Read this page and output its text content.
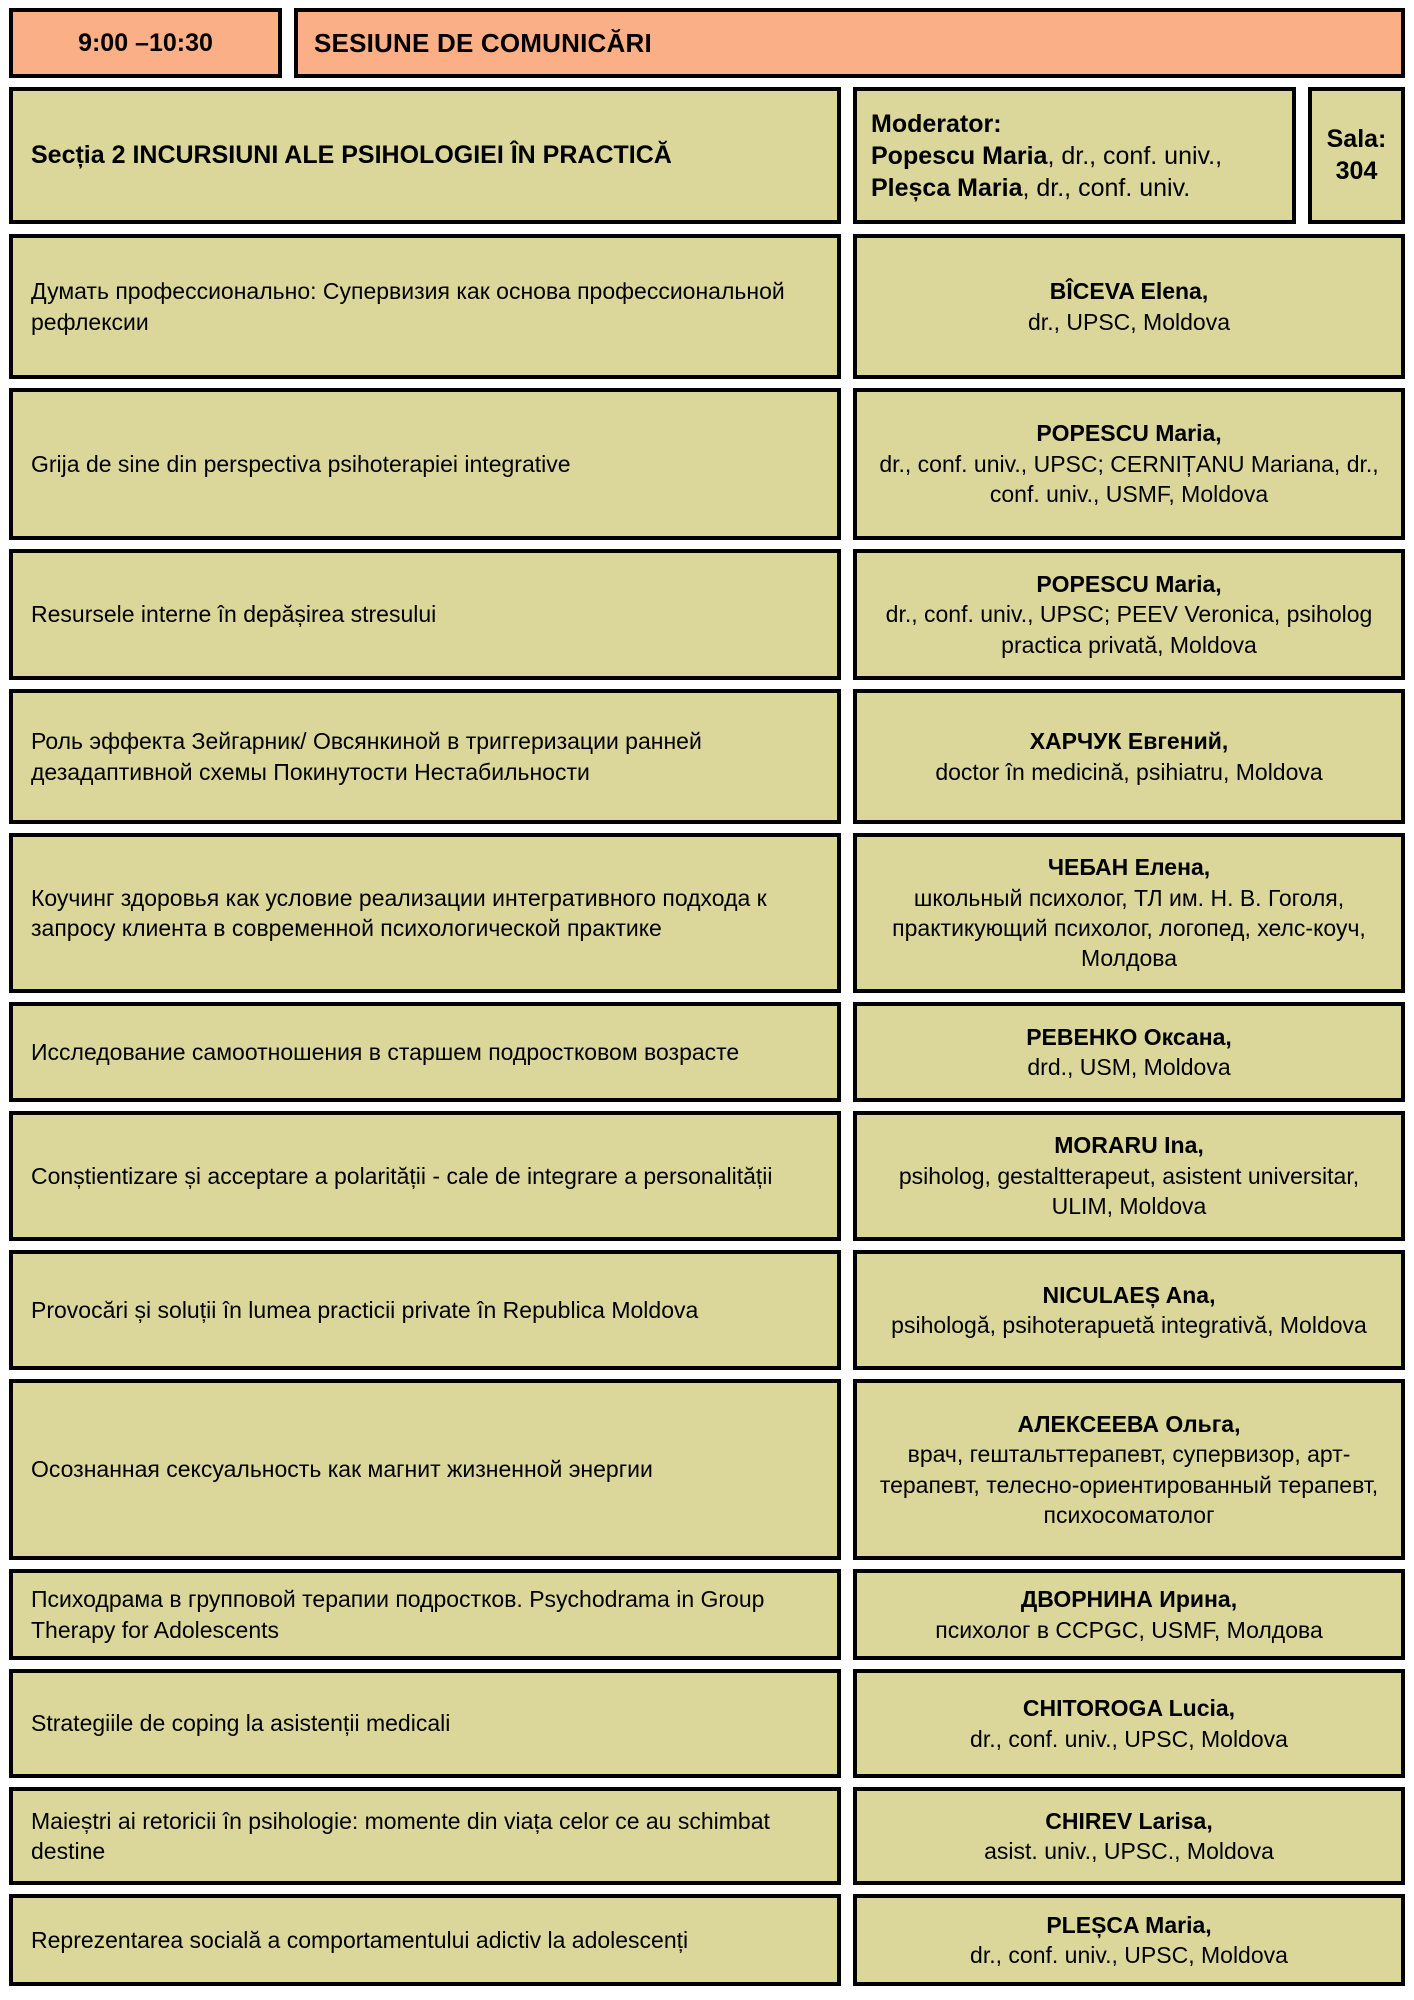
9:00 –10:30	SESIUNE DE COMUNICĂRI
Secția 2 INCURSIUNI ALE PSIHOLOGIEI ÎN PRACTICĂ
Moderator:
Popescu Maria, dr., conf. univ.,
Pleșca Maria, dr., conf. univ.
Sala:
304
Думать профессионально: Супервизия как основа профессиональной рефлексии
BÎCEVA Elena,
dr., UPSC, Moldova
Grija de sine din perspectiva psihoterapiei integrative
POPESCU Maria,
dr., conf. univ., UPSC; CERNIȚANU Mariana, dr., conf. univ., USMF, Moldova
Resursele interne în depășirea stresului
POPESCU Maria,
dr., conf. univ., UPSC; PEEV Veronica, psiholog practica privată, Moldova
Роль эффекта Зейгарник/ Овсянкиной в триггеризации ранней дезадаптивной схемы Покинутости Нестабильности
ХАРЧУК Евгений,
doctor în medicină, psihiatru, Moldova
Коучинг здоровья как условие реализации интегративного подхода к запросу клиента в современной психологической практике
ЧЕБАН Елена,
школьный психолог, ТЛ им. Н. В. Гоголя, практикующий психолог, логопед, хелс-коуч, Молдова
Исследование самоотношения в старшем подростковом возрасте
РЕВЕНКО Оксана,
drd., USM, Moldova
Conștientizare și acceptare a polarității - cale de integrare a personalității
MORARU Ina,
psiholog, gestaltterapeut, asistent universitar, ULIM, Moldova
Provocări și soluții în lumea practicii private în Republica Moldova
NICULAEȘ Ana,
psihologă, psihoterapuetă integrativă, Moldova
Осознанная сексуальность как магнит жизненной энергии
АЛЕКСЕЕВА Ольга,
врач, гештальттерапевт, супервизор, арт-терапевт, телесно-ориентированный терапевт, психосоматолог
Психодрама в групповой терапии подростков. Psychodrama in Group Therapy for Adolescents
ДВОРНИНА Ирина,
психолог в CCPGC, USMF, Молдова
Strategiile de coping la asistenții medicali
CHITOROGA Lucia,
dr., conf. univ., UPSC, Moldova
Maieștri ai retoricii în psihologie: momente din viața celor ce au schimbat destine
CHIREV Larisa,
asist. univ., UPSC., Moldova
Reprezentarea socială a comportamentului adictiv la adolescenți
PLEȘCA Maria,
dr., conf. univ., UPSC, Moldova
